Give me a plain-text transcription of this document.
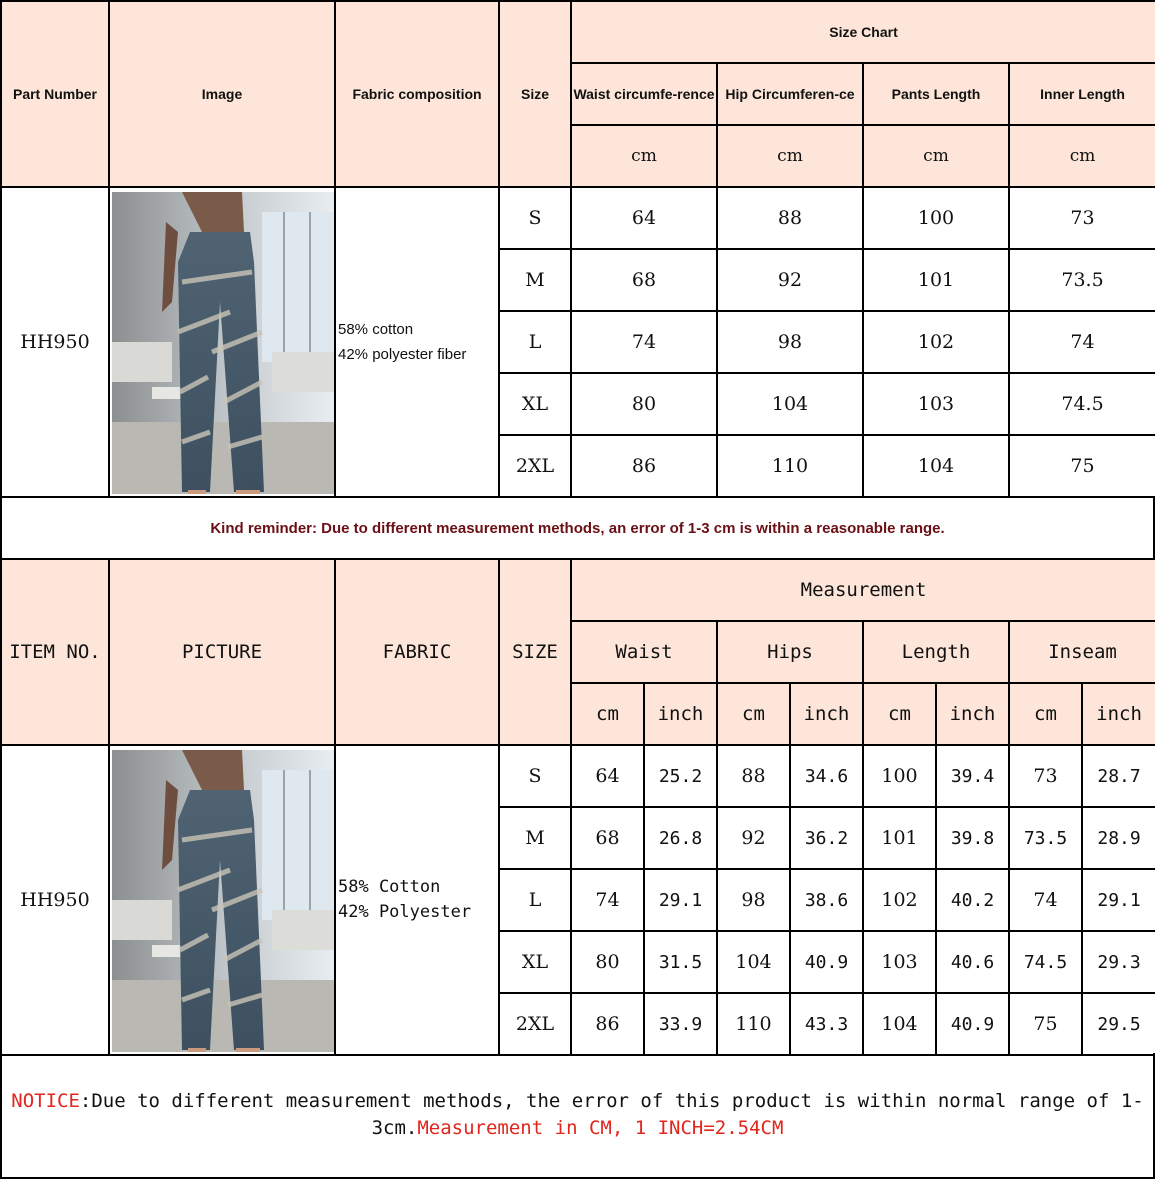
Part Number	Image	Fabric composition	Size	Size Chart			
				Waist circumfe-rence	Hip Circumferen-ce	Pants Length	Inner Length
				cm	cm	cm	cm
HH950		58% cotton
42% polyester fiber	S	64	88	100	73
			M	68	92	101	73.5
			L	74	98	102	74
			XL	80	104	103	74.5
			2XL	86	110	104	75
Kind reminder: Due to different measurement methods, an error of 1-3 cm is within a reasonable range.
ITEM NO.	PICTURE	FABRIC	SIZE	Measurement							
				Waist		Hips		Length		Inseam	
				cm	inch	cm	inch	cm	inch	cm	inch
HH950		58% Cotton
42% Polyester	S	64	25.2	88	34.6	100	39.4	73	28.7
			M	68	26.8	92	36.2	101	39.8	73.5	28.9
			L	74	29.1	98	38.6	102	40.2	74	29.1
			XL	80	31.5	104	40.9	103	40.6	74.5	29.3
			2XL	86	33.9	110	43.3	104	40.9	75	29.5
NOTICE:Due to different measurement methods, the error of this product is within normal range of 1-3cm.Measurement in CM, 1 INCH=2.54CM
